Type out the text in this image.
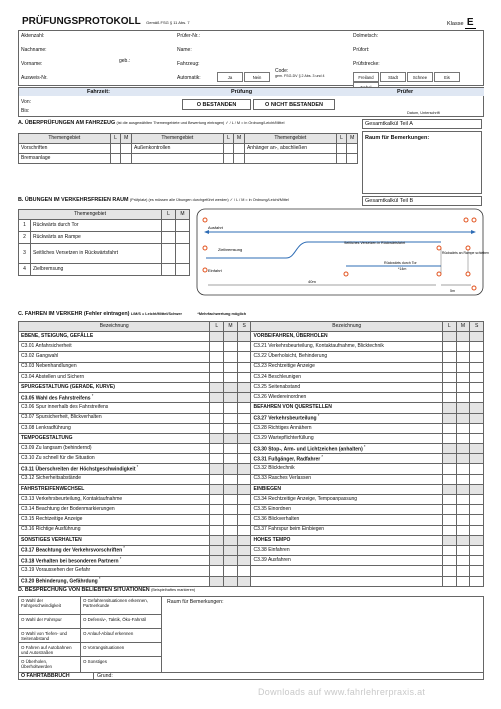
PRÜFUNGSPROTOKOLL Gemäß FSG § 11 Abs. 7	Klasse E
Aktenzahl:	Prüfer-Nr.:	Dolmetsch:
Nachname:	Name:	Prüfort:
Vorname:	geb.:	Fahrzeug:	Prüfstrecke:
Ausweis-Nr.	Automatik:	Ja	Nein
Code:
gem. FSG-DV § 2 Abs. 3 und 4	Freiland	Stadt	Schnee	Eis
Fahrzeit:	Prüfung	Prüfer
Von:
Bis:
O BESTANDEN	O NICHT BESTANDEN
Datum, Unterschrift
A. ÜBERPRÜFUNGEN AM FAHRZEUG (ist die ausgewählten Themengebiete und Bewertung eintragen) ✓ / L / M = in Ordnung/Leicht/Mittel	Gesamtkalkül Teil A
Raum für Bemerkungen:
Themengebiet	L	M	Themengebiet	L	M	Themengebiet	L	M
Vorschriften			Außenkontrollen			Anhänger an-, abschließen		
Bremsanlage								
B. ÜBUNGEN IM VERKEHRSFREIEN RAUM (Prüfplatz) (es müssen alle Übungen durchgeführt werden) ✓ / L / M = in Ordnung/Leicht/Mittel	Gesamtkalkül Teil B
Themengebiet		L	M
1	Rückwärts durch Tor		
2	Rückwärts an Rampe		
3	Seitliches Versetzen in Rückwärtsfahrt		
4	Zielbremsung		
Ausfahrt
Zielbremsung
Seitliches Versetzen in Rückwärtsfahrt
Rückwärts durch Tor
Rückwärts an Rampe schieben
Einfahrt
40m
*14m
5m
C. FAHREN IM VERKEHR (Fehler eintragen) L/M/S = Leicht/Mittel/Schwer	*Mehrfachwertung möglich
Bezeichnung	L	M	S	Bezeichnung	L	M	S
EBENE, STEIGUNG, GEFÄLLE				VORBEIFAHREN, ÜBERHOLEN			
C3.01 Anfahrsicherheit				C3.21 Verkehrsbeurteilung, Kontaktaufnahme, Blicktechnik			
C3.02 Gangwahl				C3.22 Überholsicht, Behinderung			
C3.03 Nebenhandlungen				C3.23 Rechtzeitige Anzeige			
C3.04 Abstellen und Sichern				C3.24 Beschleunigen			
SPURGESTALTUNG (GERADE, KURVE)				C3.25 Seitenabstand			
C3.05 Wahl des Fahrstreifens *				C3.26 Wiedereinordnen			
C3.06 Spur innerhalb des Fahrstreifens				BEFAHREN VON QUERSTELLEN			
C3.07 Spursicherheit, Blickverhalten				C3.27 Verkehrsbeurteilung *			
C3.08 Lenkradführung				C3.28 Richtiges Annähern			
TEMPOGESTALTUNG				C3.29 Wartepflichterfüllung			
C3.09 Zu langsam (behindernd)				C3.30 Stop-, Arm- und Lichtzeichen (anhalten) *			
C3.10 Zu schnell für die Situation				C3.31 Fußgänger, Radfahrer *			
C3.11 Überschreiten der Höchstgeschwindigkeit *				C3.32 Blicktechnik			
C3.12 Sicherheitsabstände				C3.33 Rasches Verlassen			
FAHRSTREIFENWECHSEL				EINBIEGEN			
C3.13 Verkehrsbeurteilung, Kontaktaufnahme				C3.34 Rechtzeitige Anzeige, Tempoanpassung			
C3.14 Beachtung der Bodenmarkierungen				C3.35 Einordnen			
C3.15 Rechtzeitige Anzeige				C3.36 Blickverhalten			
C3.16 Richtige Ausführung				C3.37 Fahrspur beim Einbiegen			
SONSTIGES VERHALTEN				HOHES TEMPO			
C3.17 Beachtung der Verkehrsvorschriften *				C3.38 Einfahren			
C3.18 Verhalten bei besonderen Partnern *				C3.39 Ausfahren			
C3.19 Voraussehen der Gefahr							
C3.20 Behinderung, Gefährdung *							
D. BESPRECHUNG VON BELIEBTEN SITUATIONEN (Beispielhaftes markieren)
O Wahl der Fahrgeschwindigkeit
O Wahl der Fahrspur
O Wahl von Tiefen- und Seitenabstand
O Fahren auf Autobahnen und Autostraßen
O Überholen, Überholtwerden
O Gefahrensituationen erkennen, Partnerkunde
O Defensiv-, Taktik, Öko-Fahrstil
O Anlauf-Ablauf erkennen
O Vorrangsituationen
O Sonstiges
Raum für Bemerkungen:
O FAHRTABBRUCH	Grund:
Downloads auf www.fahrlehrerpraxis.at
